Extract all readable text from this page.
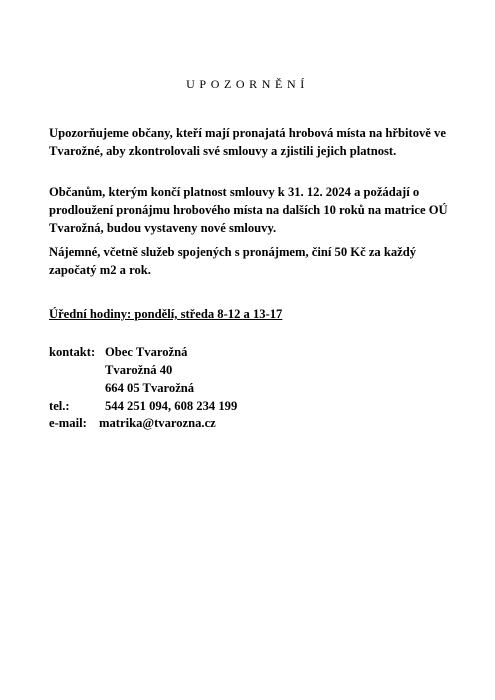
UPOZORNĚNÍ

Upozorňujeme občany, kteří mají pronajatá hrobová místa na hřbitově ve Tvarožné, aby zkontrolovali své smlouvy a zjistili jejich platnost.

Občanům, kterým končí platnost smlouvy k 31. 12. 2024 a požádají o prodloužení pronájmu hrobového místa na dalších 10 roků na matrice OÚ Tvarožná, budou vystaveny nové smlouvy.

Nájemné, včetně služeb spojených s pronájmem, činí 50 Kč za každý započatý m2 a rok.

Úřední hodiny: pondělí, středa 8-12 a 13-17

kontakt: Obec Tvarožná
Tvarožná 40
664 05 Tvarožná
tel.:	544 251 094, 608 234 199
e-mail: matrika@tvarozna.cz
